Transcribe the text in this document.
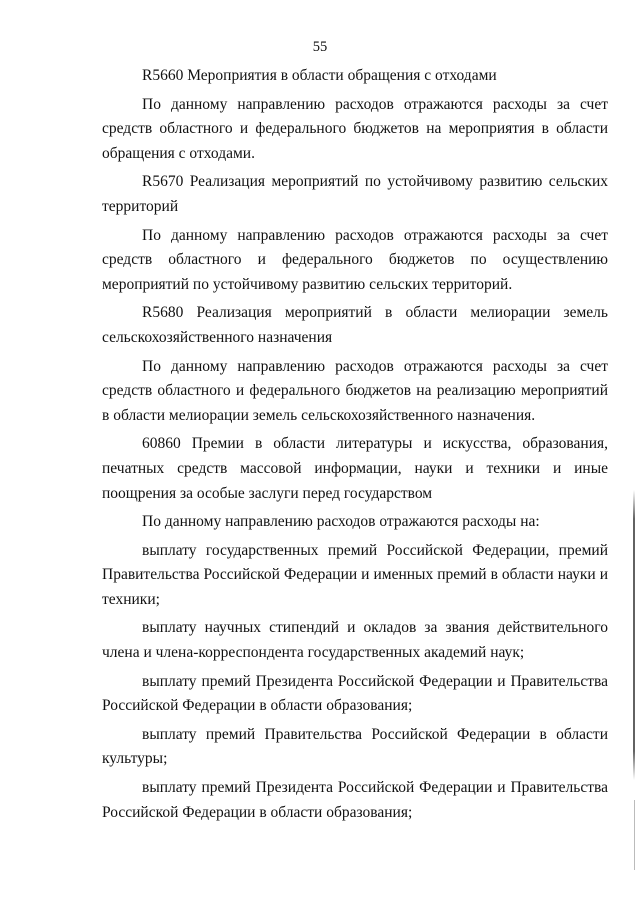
55

R5660 Мероприятия в области обращения с отходами

По данному направлению расходов отражаются расходы за счет средств областного и федерального бюджетов на мероприятия в области обращения с отходами.

R5670 Реализация мероприятий по устойчивому развитию сельских территорий

По данному направлению расходов отражаются расходы за счет средств областного и федерального бюджетов по осуществлению мероприятий по устойчивому развитию сельских территорий.

R5680 Реализация мероприятий в области мелиорации земель сельскохозяйственного назначения

По данному направлению расходов отражаются расходы за счет средств областного и федерального бюджетов на реализацию мероприятий в области мелиорации земель сельскохозяйственного назначения.

60860 Премии в области литературы и искусства, образования, печатных средств массовой информации, науки и техники и иные поощрения за особые заслуги перед государством

По данному направлению расходов отражаются расходы на:

выплату государственных премий Российской Федерации, премий Правительства Российской Федерации и именных премий в области науки и техники;

выплату научных стипендий и окладов за звания действительного члена и члена-корреспондента государственных академий наук;

выплату премий Президента Российской Федерации и Правительства Российской Федерации в области образования;

выплату премий Правительства Российской Федерации в области культуры;

выплату премий Президента Российской Федерации и Правительства Российской Федерации в области образования;
